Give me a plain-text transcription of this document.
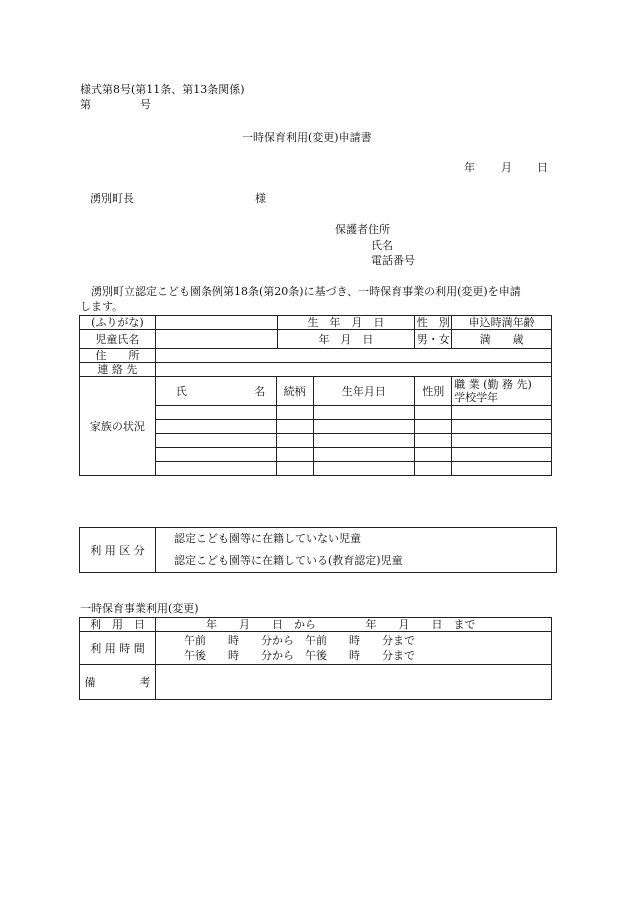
様式第8号(第11条、第13条関係)
第	号
一時保育利用(変更)申請書
年 月 日
湧別町長	様
保護者住所
氏名
電話番号
湧別町立認定こども園条例第18条(第20条)に基づき、一時保育事業の利用(変更)を申請
します。
(ふりがな)		生　年　月　日		性　別	申込時満年齢
児童氏名		年　月　日		男・女	満　　 歳
住　　所					
連 絡 先					
家族の状況	氏 名	続柄	生年月日	性別	職 業 (勤 務 先)
学校学年

利 用 区 分	
認定こども園等に在籍していない児童
認定こども園等に在籍している(教育認定)児童
一時保育事業利用(変更)
利　用　日	年　　月　　日　から 年　　月　　日　まで
利 用 時 間	午前　　時　　分から　午前　　時　　分まで
午後　　時　　分から　午後　　時　　分まで

備　　　　考	
